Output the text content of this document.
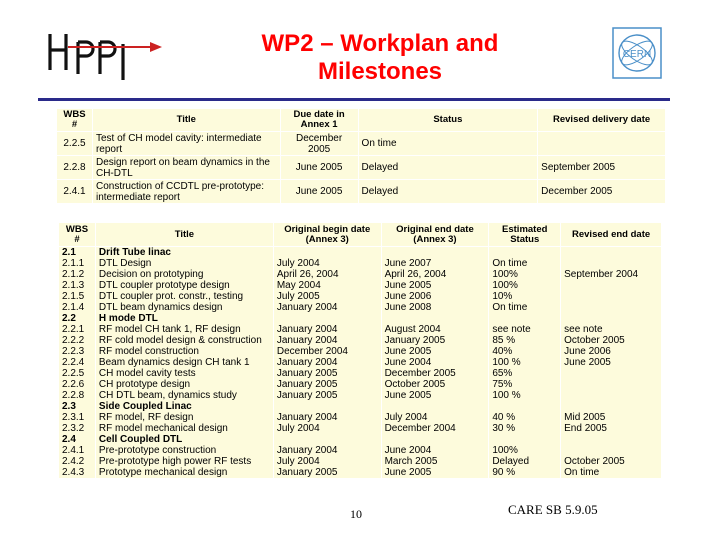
WP2 – Workplan and
Milestones
CERN
WBS #	Title	Due date in Annex 1	Status	Revised delivery date
2.2.5	Test of CH model cavity: intermediate report	December 2005	On time	
2.2.8	Design report on beam dynamics in the CH-DTL	June 2005	Delayed	September 2005
2.4.1	Construction of CCDTL pre-prototype: intermediate report	June 2005	Delayed	December 2005
WBS #	Title	Original begin date (Annex 3)	Original end date (Annex 3)	Estimated Status	Revised end date
2.1	Drift Tube linac				
2.1.1	DTL Design	July 2004	June 2007	On time	
2.1.2	Decision on prototyping	April 26, 2004	April 26, 2004	100%	September 2004
2.1.3	DTL coupler prototype design	May 2004	June 2005	100%	
2.1.5	DTL coupler prot. constr., testing	July 2005	June 2006	10%	
2.1.4	DTL beam dynamics design	January 2004	June 2008	On time	
2.2	H mode DTL				
2.2.1	RF model CH tank 1, RF design	January 2004	August 2004	see note	see note
2.2.2	RF cold model design & construction	January 2004	January 2005	85 %	October 2005
2.2.3	RF model construction	December 2004	June 2005	40%	June 2006
2.2.4	Beam dynamics design CH tank 1	January 2004	June 2004	100 %	June 2005
2.2.5	CH model cavity tests	January 2005	December 2005	65%	
2.2.6	CH prototype design	January 2005	October 2005	75%	
2.2.8	CH DTL beam, dynamics study	January 2005	June 2005	100 %	
2.3	Side Coupled Linac				
2.3.1	RF model, RF design	January 2004	July 2004	40 %	Mid 2005
2.3.2	RF model mechanical design	July 2004	December 2004	30 %	End 2005
2.4	Cell Coupled DTL				
2.4.1	Pre-prototype construction	January 2004	June 2004	100%	
2.4.2	Pre-prototype high power RF tests	July 2004	March 2005	Delayed	October 2005
2.4.3	Prototype mechanical design	January 2005	June 2005	90 %	On time
10	CARE SB 5.9.05
